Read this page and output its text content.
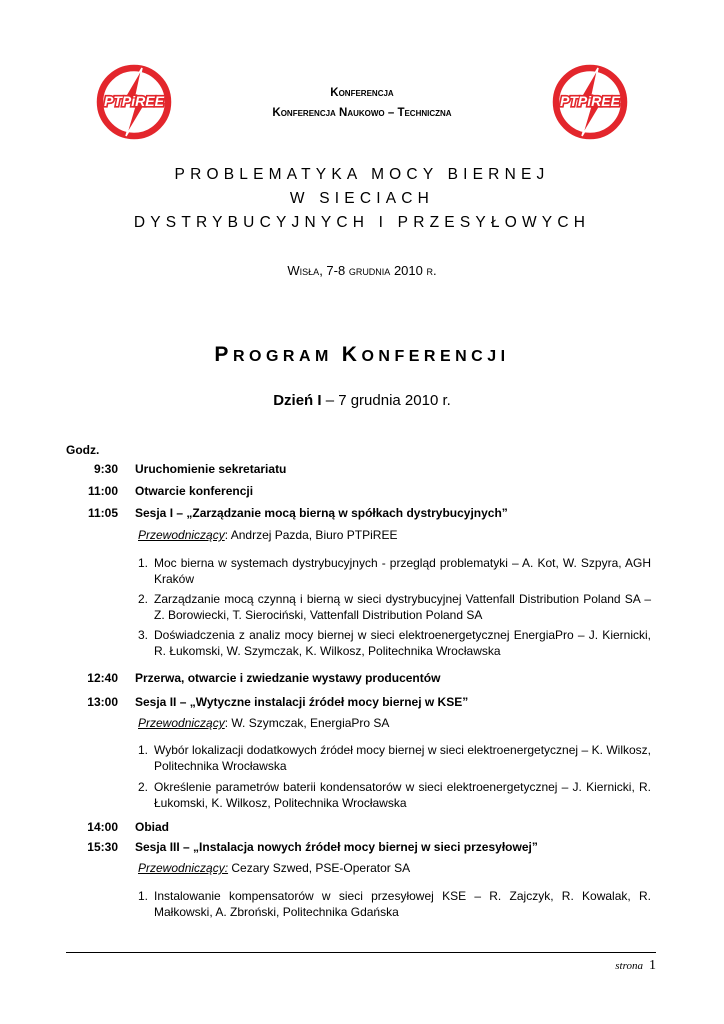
PTPiREE	PTPiREE
Konferencja
Konferencja Naukowo – Techniczna
PROBLEMATYKA MOCY BIERNEJ
W SIECIACH
DYSTRYBUCYJNYCH I PRZESYŁOWYCH
Wisła, 7-8 grudnia 2010 r.
PROGRAM KONFERENCJI
Dzień I – 7 grudnia 2010 r.
Godz.
9:30 Uruchomienie sekretariatu
11:00 Otwarcie konferencji
11:05 Sesja I – „Zarządzanie mocą bierną w spółkach dystrybucyjnych”
Przewodniczący: Andrzej Pazda, Biuro PTPiREE
1. Moc bierna w systemach dystrybucyjnych - przegląd problematyki – A. Kot, W. Szpyra, AGH Kraków
2. Zarządzanie mocą czynną i bierną w sieci dystrybucyjnej Vattenfall Distribution Poland SA – Z. Borowiecki, T. Sierociński, Vattenfall Distribution Poland SA
3. Doświadczenia z analiz mocy biernej w sieci elektroenergetycznej EnergiaPro – J. Kiernicki, R. Łukomski, W. Szymczak, K. Wilkosz, Politechnika Wrocławska
12:40 Przerwa, otwarcie i zwiedzanie wystawy producentów
13:00 Sesja II – „Wytyczne instalacji źródeł mocy biernej w KSE”
Przewodniczący: W. Szymczak, EnergiaPro SA
1. Wybór lokalizacji dodatkowych źródeł mocy biernej w sieci elektroenergetycznej – K. Wilkosz, Politechnika Wrocławska
2. Określenie parametrów baterii kondensatorów w sieci elektroenergetycznej – J. Kiernicki, R. Łukomski, K. Wilkosz, Politechnika Wrocławska
14:00 Obiad
15:30 Sesja III – „Instalacja nowych źródeł mocy biernej w sieci przesyłowej”
Przewodniczący: Cezary Szwed, PSE-Operator SA
1. Instalowanie kompensatorów w sieci przesyłowej KSE – R. Zajczyk, R. Kowalak, R. Małkowski, A. Zbroński, Politechnika Gdańska
strona 1
